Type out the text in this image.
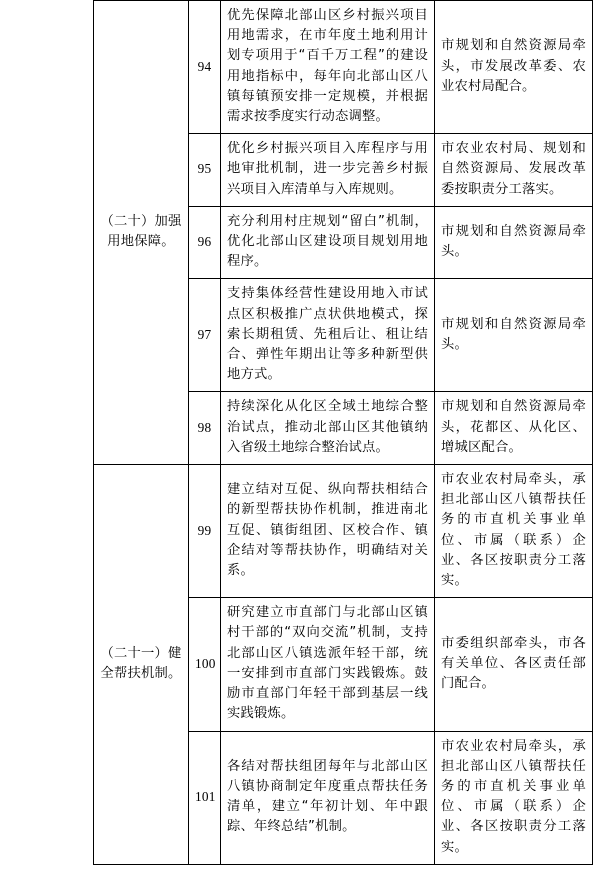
（二十）加强用地保障。	94	优先保障北部山区乡村振兴项目用地需求，在市年度土地利用计划专项用于“百千万工程”的建设用地指标中，每年向北部山区八镇每镇预安排一定规模，并根据需求按季度实行动态调整。	市规划和自然资源局牵头，市发展改革委、农业农村局配合。
	95	优化乡村振兴项目入库程序与用地审批机制，进一步完善乡村振兴项目入库清单与入库规则。	市农业农村局、规划和自然资源局、发展改革委按职责分工落实。
	96	充分利用村庄规划“留白”机制，优化北部山区建设项目规划用地程序。	市规划和自然资源局牵头。
	97	支持集体经营性建设用地入市试点区积极推广点状供地模式，探索长期租赁、先租后让、租让结合、弹性年期出让等多种新型供地方式。	市规划和自然资源局牵头。
	98	持续深化从化区全域土地综合整治试点，推动北部山区其他镇纳入省级土地综合整治试点。	市规划和自然资源局牵头，花都区、从化区、增城区配合。

（二十一）健全帮扶机制。	99	建立结对互促、纵向帮扶相结合的新型帮扶协作机制，推进南北互促、镇街组团、区校合作、镇企结对等帮扶协作，明确结对关系。	市农业农村局牵头，承担北部山区八镇帮扶任务的市直机关事业单位、市属（联系）企业、各区按职责分工落实。
	100	研究建立市直部门与北部山区镇村干部的“双向交流”机制，支持北部山区八镇选派年轻干部，统一安排到市直部门实践锻炼。鼓励市直部门年轻干部到基层一线实践锻炼。	市委组织部牵头，市各有关单位、各区责任部门配合。
	101	各结对帮扶组团每年与北部山区八镇协商制定年度重点帮扶任务清单，建立“年初计划、年中跟踪、年终总结”机制。	市农业农村局牵头，承担北部山区八镇帮扶任务的市直机关事业单位、市属（联系）企业、各区按职责分工落实。
